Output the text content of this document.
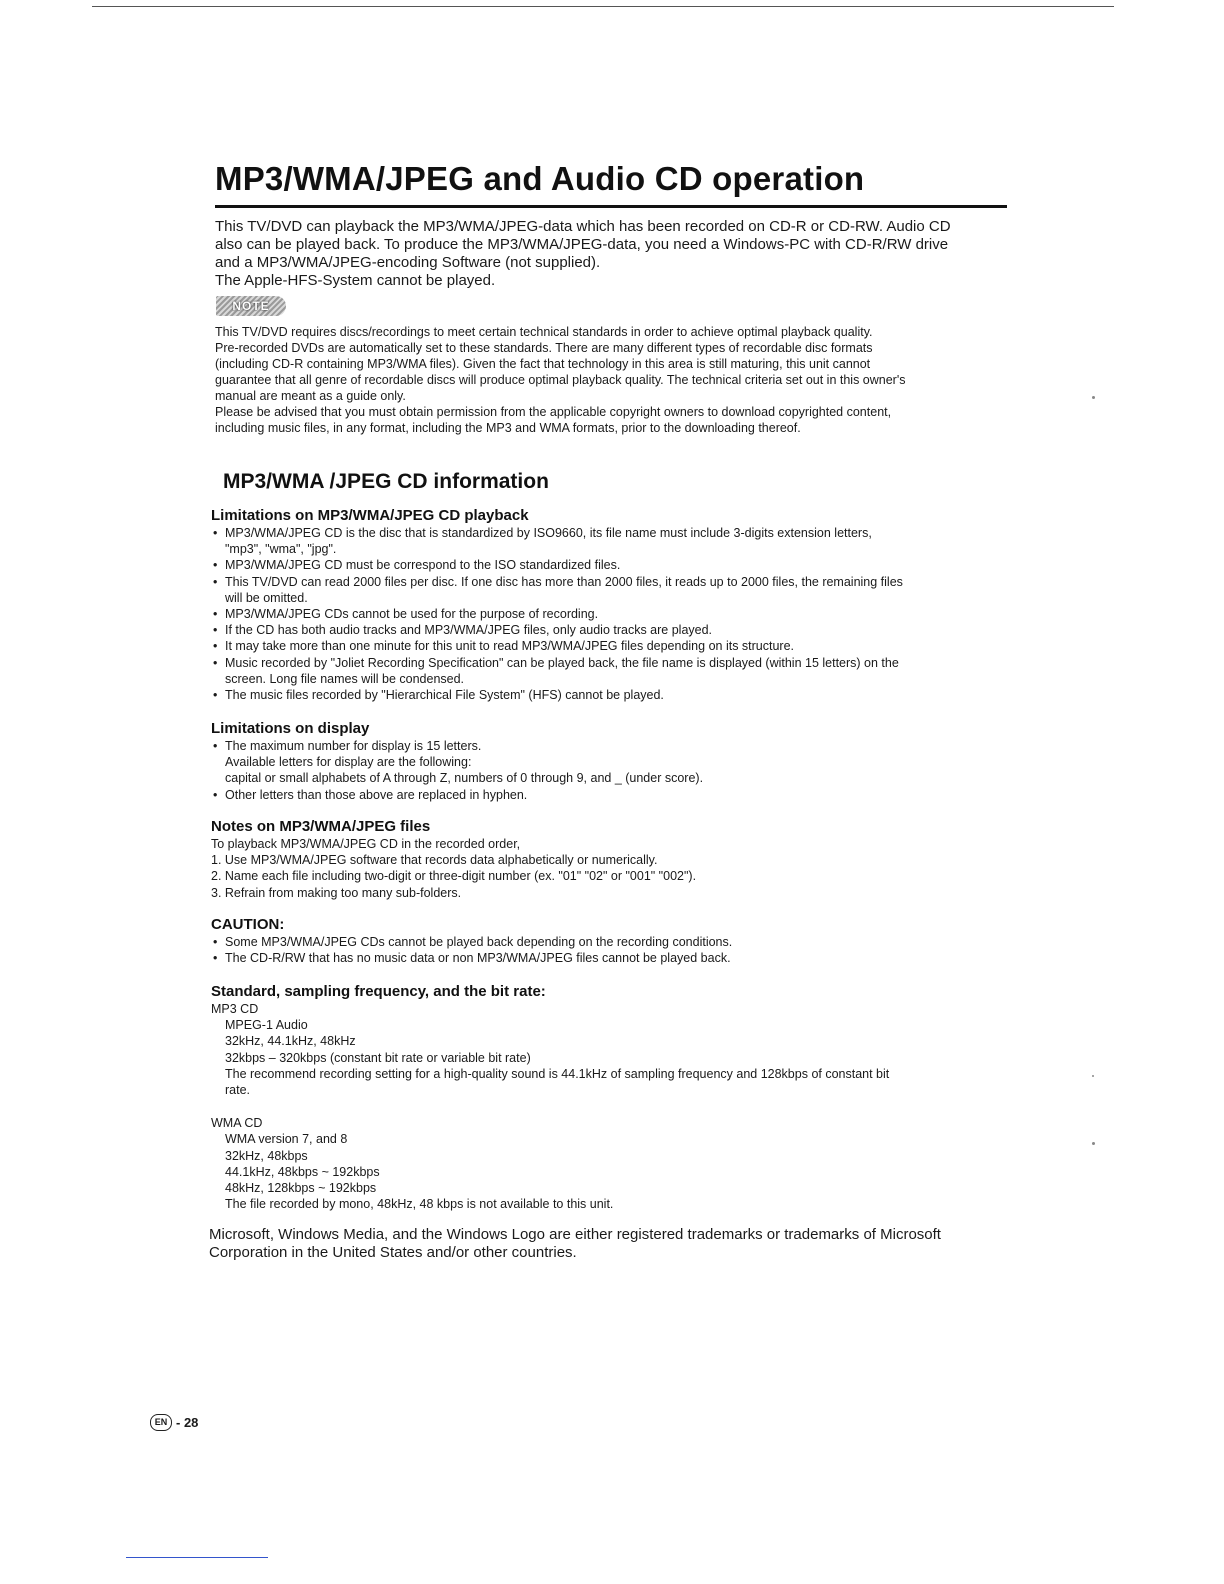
MP3/WMA/JPEG and Audio CD operation

This TV/DVD can playback the MP3/WMA/JPEG-data which has been recorded on CD-R or CD-RW. Audio CD

also can be played back. To produce the MP3/WMA/JPEG-data, you need a Windows-PC with CD-R/RW drive

and a MP3/WMA/JPEG-encoding Software (not supplied).

The Apple-HFS-System cannot be played.

NOTE

This TV/DVD requires discs/recordings to meet certain technical standards in order to achieve optimal playback quality.

Pre-recorded DVDs are automatically set to these standards. There are many different types of recordable disc formats

(including CD-R containing MP3/WMA files). Given the fact that technology in this area is still maturing, this unit cannot

guarantee that all genre of recordable discs will produce optimal playback quality. The technical criteria set out in this owner's

manual are meant as a guide only.

Please be advised that you must obtain permission from the applicable copyright owners to download copyrighted content,

including music files, in any format, including the MP3 and WMA formats, prior to the downloading thereof.

MP3/WMA /JPEG CD information

Limitations on MP3/WMA/JPEG CD playback

• MP3/WMA/JPEG CD is the disc that is standardized by ISO9660, its file name must include 3-digits extension letters,
"mp3", "wma", "jpg".
• MP3/WMA/JPEG CD must be correspond to the ISO standardized files.
• This TV/DVD can read 2000 files per disc. If one disc has more than 2000 files, it reads up to 2000 files, the remaining files
will be omitted.
• MP3/WMA/JPEG CDs cannot be used for the purpose of recording.
• If the CD has both audio tracks and MP3/WMA/JPEG files, only audio tracks are played.
• It may take more than one minute for this unit to read MP3/WMA/JPEG files depending on its structure.
• Music recorded by "Joliet Recording Specification" can be played back, the file name is displayed (within 15 letters) on the
screen. Long file names will be condensed.
• The music files recorded by "Hierarchical File System" (HFS) cannot be played.

Limitations on display

• The maximum number for display is 15 letters.
Available letters for display are the following:
capital or small alphabets of A through Z, numbers of 0 through 9, and _ (under score).
• Other letters than those above are replaced in hyphen.

Notes on MP3/WMA/JPEG files

To playback MP3/WMA/JPEG CD in the recorded order,

1. Use MP3/WMA/JPEG software that records data alphabetically or numerically.

2. Name each file including two-digit or three-digit number (ex. "01" "02" or "001" "002").

3. Refrain from making too many sub-folders.

CAUTION:

• Some MP3/WMA/JPEG CDs cannot be played back depending on the recording conditions.
• The CD-R/RW that has no music data or non MP3/WMA/JPEG files cannot be played back.

Standard, sampling frequency, and the bit rate:

MP3 CD

MPEG-1 Audio

32kHz, 44.1kHz, 48kHz

32kbps – 320kbps (constant bit rate or variable bit rate)

The recommend recording setting for a high-quality sound is 44.1kHz of sampling frequency and 128kbps of constant bit

rate.

WMA CD

WMA version 7, and 8

32kHz, 48kbps

44.1kHz, 48kbps ~ 192kbps

48kHz, 128kbps ~ 192kbps

The file recorded by mono, 48kHz, 48 kbps is not available to this unit.

Microsoft, Windows Media, and the Windows Logo are either registered trademarks or trademarks of Microsoft

Corporation in the United States and/or other countries.

EN - 28
